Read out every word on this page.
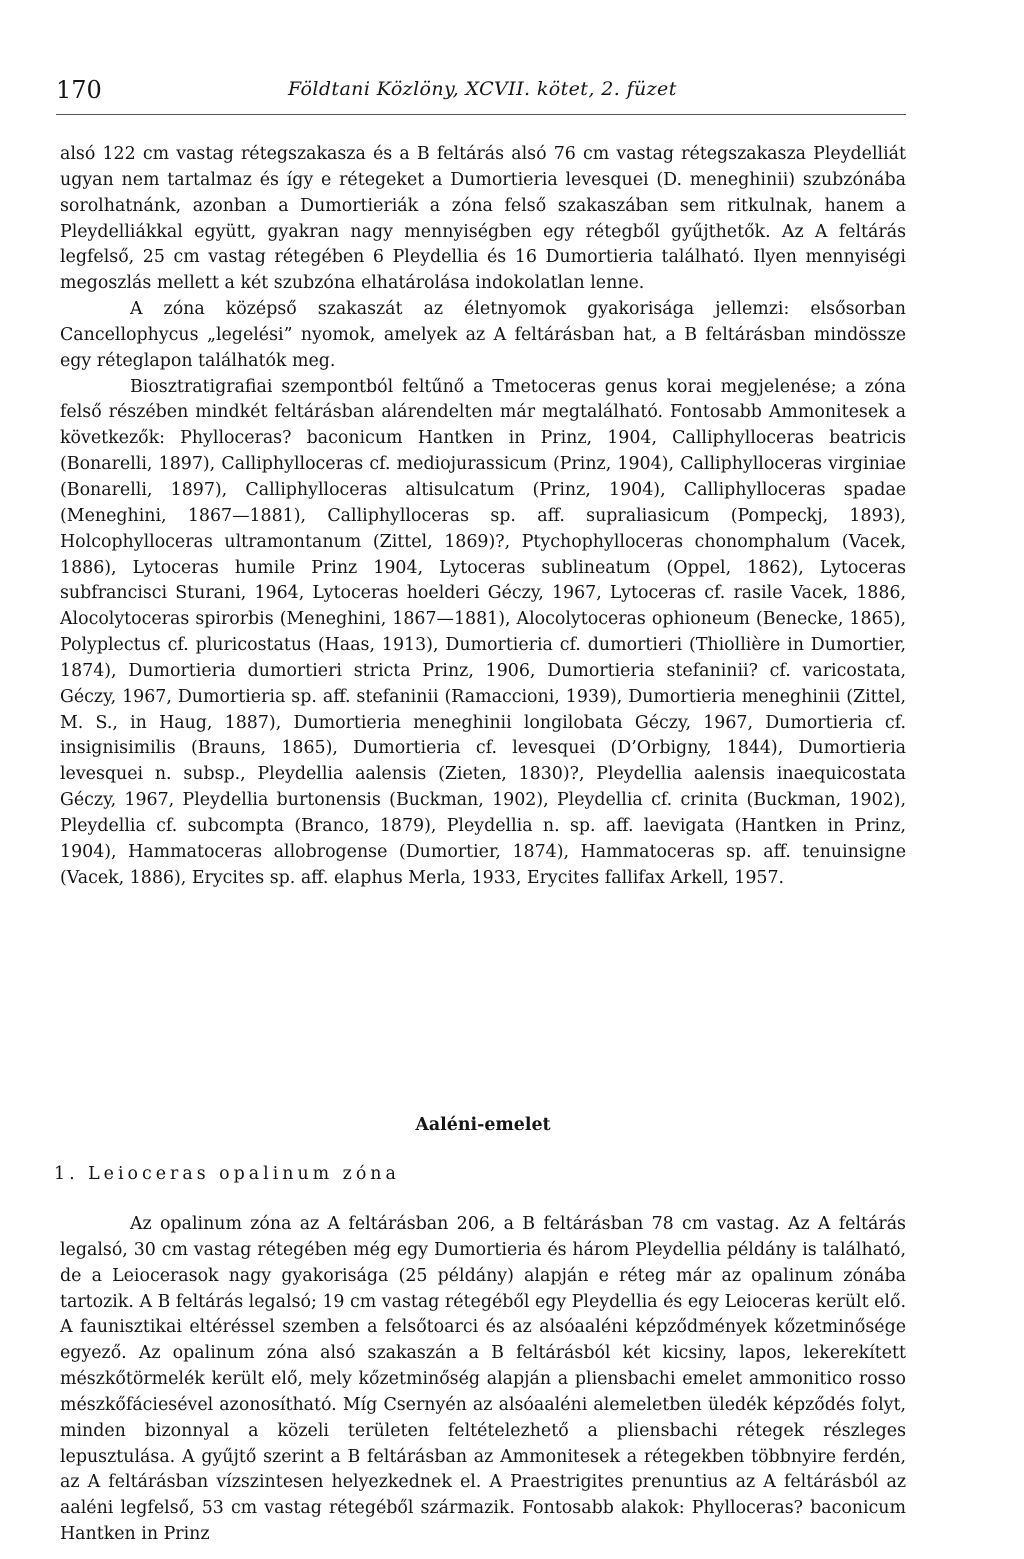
170	Földtani Közlöny, XCVII. kötet, 2. füzet

alsó 122 cm vastag rétegszakasza és a B feltárás alsó 76 cm vastag rétegszakasza Pleydelliát ugyan nem tartalmaz és így e rétegeket a Dumortieria levesquei (D. meneghinii) szubzónába sorolhatnánk, azonban a Dumortieriák a zóna felső szakaszában sem ritkulnak, hanem a Pleydelliákkal együtt, gyakran nagy mennyiségben egy rétegből gyűjthetők. Az A feltárás legfelső, 25 cm vastag rétegében 6 Pleydellia és 16 Dumortieria található. Ilyen mennyiségi megoszlás mellett a két szubzóna elhatárolása indokolatlan lenne.

A zóna középső szakaszát az életnyomok gyakorisága jellemzi: elsősorban Cancellophycus „legelési” nyomok, amelyek az A feltárásban hat, a B feltárásban mindössze egy réteglapon találhatók meg.

Biosztratigrafiai szempontból feltűnő a Tmetoceras genus korai megjelenése; a zóna felső részében mindkét feltárásban alárendelten már megtalálható. Fontosabb Ammonitesek a következők: Phylloceras? baconicum Hantken in Prinz, 1904, Calliphylloceras beatricis (Bonarelli, 1897), Calliphylloceras cf. mediojurassicum (Prinz, 1904), Calliphylloceras virginiae (Bonarelli, 1897), Calliphylloceras altisulcatum (Prinz, 1904), Calliphylloceras spadae (Meneghini, 1867—1881), Calliphylloceras sp. aff. supraliasicum (Pompeckj, 1893), Holcophylloceras ultramontanum (Zittel, 1869)?, Ptychophylloceras chonomphalum (Vacek, 1886), Lytoceras humile Prinz 1904, Lytoceras sublineatum (Oppel, 1862), Lytoceras subfrancisci Sturani, 1964, Lytoceras hoelderi Géczy, 1967, Lytoceras cf. rasile Vacek, 1886, Alocolytoceras spirorbis (Meneghini, 1867—1881), Alocolytoceras ophioneum (Benecke, 1865), Polyplectus cf. pluricostatus (Haas, 1913), Dumortieria cf. dumortieri (Thiollière in Dumortier, 1874), Dumortieria dumortieri stricta Prinz, 1906, Dumortieria stefaninii? cf. varicostata, Géczy, 1967, Dumortieria sp. aff. stefaninii (Ramaccioni, 1939), Dumortieria meneghinii (Zittel, M. S., in Haug, 1887), Dumortieria meneghinii longilobata Géczy, 1967, Dumortieria cf. insignisimilis (Brauns, 1865), Dumortieria cf. levesquei (D’Orbigny, 1844), Dumortieria levesquei n. subsp., Pleydellia aalensis (Zieten, 1830)?, Pleydellia aalensis inaequicostata Géczy, 1967, Pleydellia burtonensis (Buckman, 1902), Pleydellia cf. crinita (Buckman, 1902), Pleydellia cf. subcompta (Branco, 1879), Pleydellia n. sp. aff. laevigata (Hantken in Prinz, 1904), Hammatoceras allobrogense (Dumortier, 1874), Hammatoceras sp. aff. tenuinsigne (Vacek, 1886), Erycites sp. aff. elaphus Merla, 1933, Erycites fallifax Arkell, 1957.

Aaléni-emelet
1. Leioceras opalinum zóna

Az opalinum zóna az A feltárásban 206, a B feltárásban 78 cm vastag. Az A feltárás legalsó, 30 cm vastag rétegében még egy Dumortieria és három Pleydellia példány is található, de a Leiocerasok nagy gyakorisága (25 példány) alapján e réteg már az opalinum zónába tartozik. A B feltárás legalsó; 19 cm vastag rétegéből egy Pleydellia és egy Leioceras került elő. A faunisztikai eltéréssel szemben a felsőtoarci és az alsóaaléni képződmények kőzetminősége egyező. Az opalinum zóna alsó szakaszán a B feltárásból két kicsiny, lapos, lekerekített mészkőtörmelék került elő, mely kőzetminőség alapján a pliensbachi emelet ammonitico rosso mészkőfáciesével azonosítható. Míg Csernyén az alsóaaléni alemeletben üledék képződés folyt, minden bizonnyal a közeli területen feltételezhető a pliensbachi rétegek részleges lepusztulása. A gyűjtő szerint a B feltárásban az Ammonitesek a rétegekben többnyire ferdén, az A feltárásban vízszintesen helyezkednek el. A Praestrigites prenuntius az A feltárásból az aaléni legfelső, 53 cm vastag rétegéből származik. Fontosabb alakok: Phylloceras? baconicum Hantken in Prinz
